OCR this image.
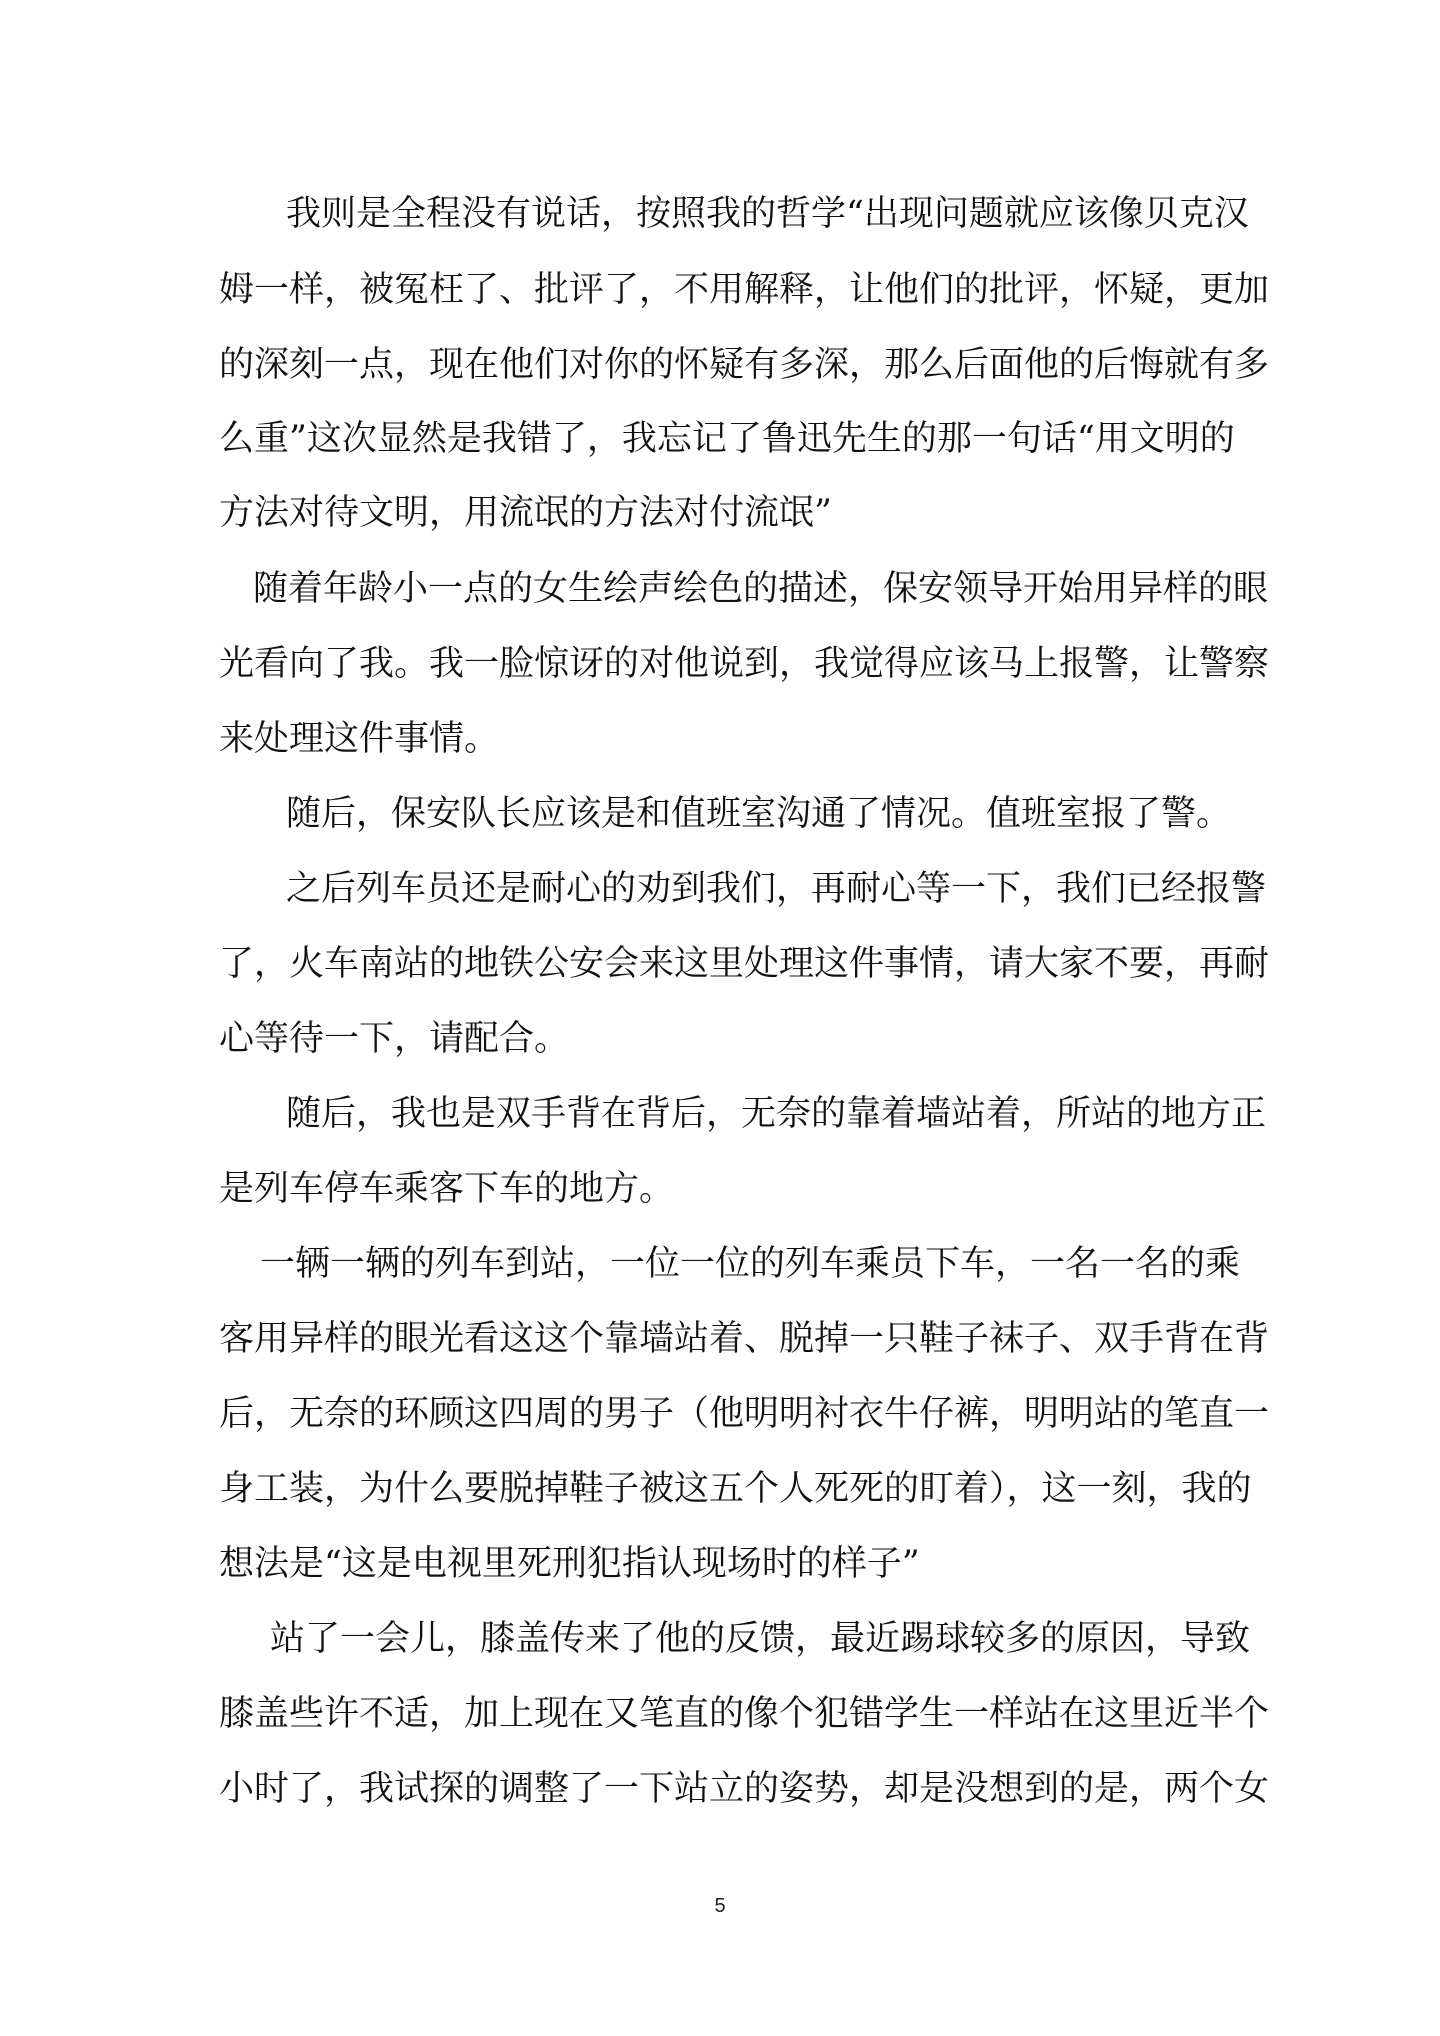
我则是全程没有说话，按照我的哲学“出现问题就应该像贝克汉

姆一样，被冤枉了、批评了，不用解释，让他们的批评，怀疑，更加

的深刻一点，现在他们对你的怀疑有多深，那么后面他的后悔就有多

么重”这次显然是我错了，我忘记了鲁迅先生的那一句话“用文明的

方法对待文明，用流氓的方法对付流氓”

随着年龄小一点的女生绘声绘色的描述，保安领导开始用异样的眼

光看向了我。我一脸惊讶的对他说到，我觉得应该马上报警，让警察

来处理这件事情。

随后，保安队长应该是和值班室沟通了情况。值班室报了警。

之后列车员还是耐心的劝到我们，再耐心等一下，我们已经报警

了，火车南站的地铁公安会来这里处理这件事情，请大家不要，再耐

心等待一下，请配合。

随后，我也是双手背在背后，无奈的靠着墙站着，所站的地方正

是列车停车乘客下车的地方。

一辆一辆的列车到站，一位一位的列车乘员下车，一名一名的乘

客用异样的眼光看这这个靠墙站着、脱掉一只鞋子袜子、双手背在背

后，无奈的环顾这四周的男子（他明明衬衣牛仔裤，明明站的笔直一

身工装，为什么要脱掉鞋子被这五个人死死的盯着），这一刻，我的

想法是“这是电视里死刑犯指认现场时的样子”

站了一会儿，膝盖传来了他的反馈，最近踢球较多的原因，导致

膝盖些许不适，加上现在又笔直的像个犯错学生一样站在这里近半个

小时了，我试探的调整了一下站立的姿势，却是没想到的是，两个女

5
